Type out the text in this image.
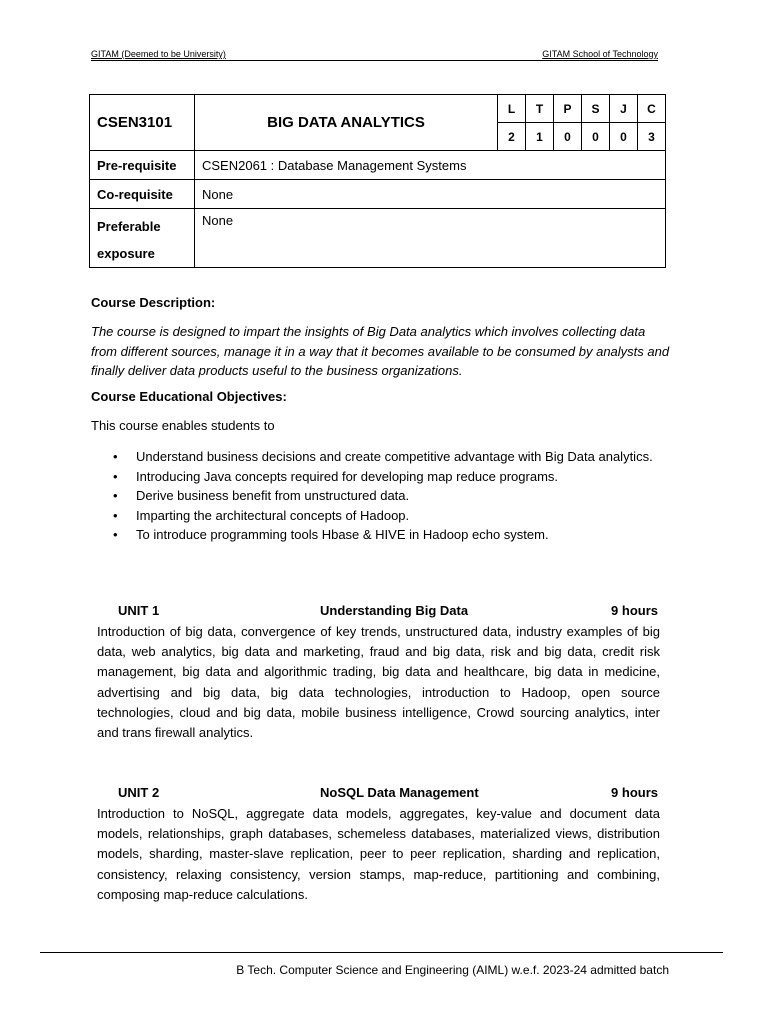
GITAM (Deemed to be University)	GITAM School of Technology
CSEN3101	BIG DATA ANALYTICS	L	T	P	S	J	C
		2	1	0	0	0	3
Pre-requisite	CSEN2061 : Database Management Systems						
Co-requisite	None						
Preferable
exposure	None						
Course Description:

The course is designed to impart the insights of Big Data analytics which involves collecting data from different sources, manage it in a way that it becomes available to be consumed by analysts and finally deliver data products useful to the business organizations.

Course Educational Objectives:
This course enables students to
• Understand business decisions and create competitive advantage with Big Data analytics.
• Introducing Java concepts required for developing map reduce programs.
• Derive business benefit from unstructured data.
• Imparting the architectural concepts of Hadoop.
• To introduce programming tools Hbase & HIVE in Hadoop echo system.
UNIT 1	Understanding Big Data	9 hours

Introduction of big data, convergence of key trends, unstructured data, industry examples of big data, web analytics, big data and marketing, fraud and big data, risk and big data, credit risk management, big data and algorithmic trading, big data and healthcare, big data in medicine, advertising and big data, big data technologies, introduction to Hadoop, open source technologies, cloud and big data, mobile business intelligence, Crowd sourcing analytics, inter and trans firewall analytics.

UNIT 2	NoSQL Data Management	9 hours

Introduction to NoSQL, aggregate data models, aggregates, key-value and document data models, relationships, graph databases, schemeless databases, materialized views, distribution models, sharding, master-slave replication, peer to peer replication, sharding and replication, consistency, relaxing consistency, version stamps, map-reduce, partitioning and combining, composing map-reduce calculations.

B Tech. Computer Science and Engineering (AIML) w.e.f. 2023-24 admitted batch
